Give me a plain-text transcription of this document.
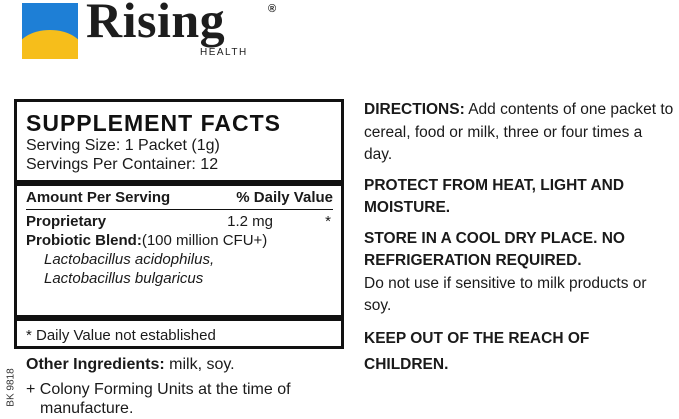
Rising	®
HEALTH
SUPPLEMENT FACTS
Serving Size: 1 Packet (1g)
Servings Per Container: 12
Amount Per Serving	% Daily Value
Proprietary	1.2 mg	*
Probiotic Blend: (100 million CFU+)
Lactobacillus acidophilus,
Lactobacillus bulgaricus
* Daily Value not established
Other Ingredients: milk, soy.
+ Colony Forming Units at the time of manufacture.
BK 9818

DIRECTIONS: Add contents of one packet to cereal, food or milk, three or four times a day.

PROTECT FROM HEAT, LIGHT AND MOISTURE.

STORE IN A COOL DRY PLACE. NO REFRIGERATION REQUIRED.

Do not use if sensitive to milk products or soy.

KEEP OUT OF THE REACH OF CHILDREN.
